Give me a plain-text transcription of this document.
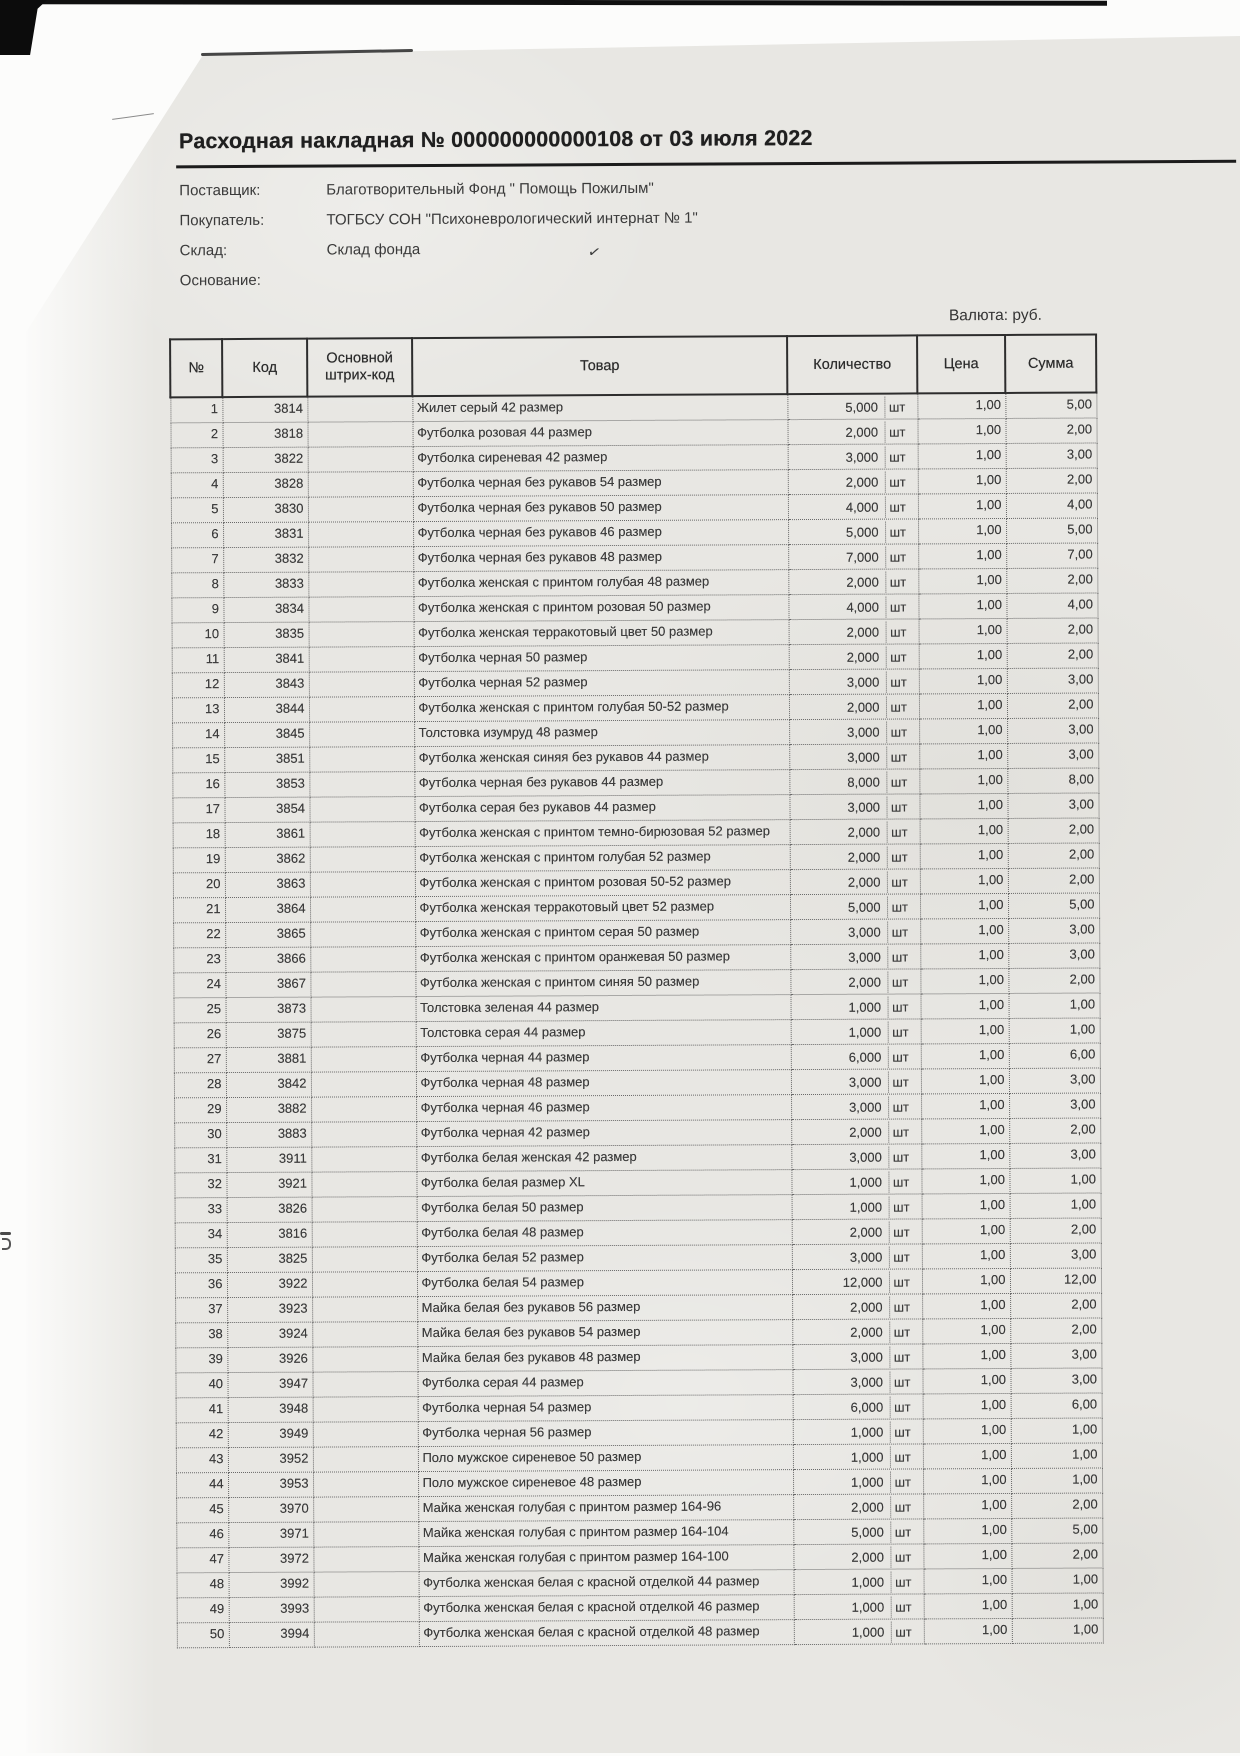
Расходная накладная № 000000000000108 от 03 июля 2022
Поставщик:	Благотворительный Фонд " Помощь Пожилым"
Покупатель:	ТОГБСУ СОН "Психоневрологический интернат № 1"
Склад:	Склад фонда
Основание:
Валюта: руб.
№	Код	Основной штрих-код	Товар	Количество	Цена	Сумма
1	3814		Жилет серый 42 размер	5,000 шт	1,00	5,00
2	3818		Футболка розовая 44 размер	2,000 шт	1,00	2,00
3	3822		Футболка сиреневая 42 размер	3,000 шт	1,00	3,00
4	3828		Футболка черная без рукавов 54 размер	2,000 шт	1,00	2,00
5	3830		Футболка черная без рукавов 50 размер	4,000 шт	1,00	4,00
6	3831		Футболка черная без рукавов 46 размер	5,000 шт	1,00	5,00
7	3832		Футболка черная без рукавов 48 размер	7,000 шт	1,00	7,00
8	3833		Футболка женская с принтом голубая 48 размер	2,000 шт	1,00	2,00
9	3834		Футболка женская с принтом розовая 50 размер	4,000 шт	1,00	4,00
10	3835		Футболка женская терракотовый цвет 50 размер	2,000 шт	1,00	2,00
11	3841		Футболка черная 50 размер	2,000 шт	1,00	2,00
12	3843		Футболка черная 52 размер	3,000 шт	1,00	3,00
13	3844		Футболка женская с принтом голубая 50-52 размер	2,000 шт	1,00	2,00
14	3845		Толстовка изумруд 48 размер	3,000 шт	1,00	3,00
15	3851		Футболка женская синяя без рукавов 44 размер	3,000 шт	1,00	3,00
16	3853		Футболка черная без рукавов 44 размер	8,000 шт	1,00	8,00
17	3854		Футболка серая без рукавов 44 размер	3,000 шт	1,00	3,00
18	3861		Футболка женская с принтом темно-бирюзовая 52 размер	2,000 шт	1,00	2,00
19	3862		Футболка женская с принтом голубая 52 размер	2,000 шт	1,00	2,00
20	3863		Футболка женская с принтом розовая 50-52 размер	2,000 шт	1,00	2,00
21	3864		Футболка женская терракотовый цвет 52 размер	5,000 шт	1,00	5,00
22	3865		Футболка женская с принтом серая 50 размер	3,000 шт	1,00	3,00
23	3866		Футболка женская с принтом оранжевая 50 размер	3,000 шт	1,00	3,00
24	3867		Футболка женская с принтом синяя 50 размер	2,000 шт	1,00	2,00
25	3873		Толстовка зеленая 44 размер	1,000 шт	1,00	1,00
26	3875		Толстовка серая 44 размер	1,000 шт	1,00	1,00
27	3881		Футболка черная 44 размер	6,000 шт	1,00	6,00
28	3842		Футболка черная 48 размер	3,000 шт	1,00	3,00
29	3882		Футболка черная 46 размер	3,000 шт	1,00	3,00
30	3883		Футболка черная 42 размер	2,000 шт	1,00	2,00
31	3911		Футболка белая женская 42 размер	3,000 шт	1,00	3,00
32	3921		Футболка белая размер XL	1,000 шт	1,00	1,00
33	3826		Футболка белая 50 размер	1,000 шт	1,00	1,00
34	3816		Футболка белая 48 размер	2,000 шт	1,00	2,00
35	3825		Футболка белая 52 размер	3,000 шт	1,00	3,00
36	3922		Футболка белая 54 размер	12,000 шт	1,00	12,00
37	3923		Майка белая без рукавов 56 размер	2,000 шт	1,00	2,00
38	3924		Майка белая без рукавов 54 размер	2,000 шт	1,00	2,00
39	3926		Майка белая без рукавов 48 размер	3,000 шт	1,00	3,00
40	3947		Футболка серая 44 размер	3,000 шт	1,00	3,00
41	3948		Футболка черная 54 размер	6,000 шт	1,00	6,00
42	3949		Футболка черная 56 размер	1,000 шт	1,00	1,00
43	3952		Поло мужское сиреневое 50 размер	1,000 шт	1,00	1,00
44	3953		Поло мужское сиреневое 48 размер	1,000 шт	1,00	1,00
45	3970		Майка женская голубая с принтом размер 164-96	2,000 шт	1,00	2,00
46	3971		Майка женская голубая с принтом размер 164-104	5,000 шт	1,00	5,00
47	3972		Майка женская голубая с принтом размер 164-100	2,000 шт	1,00	2,00
48	3992		Футболка женская белая с красной отделкой 44 размер	1,000 шт	1,00	1,00
49	3993		Футболка женская белая с красной отделкой 46 размер	1,000 шт	1,00	1,00
50	3994		Футболка женская белая с красной отделкой 48 размер	1,000 шт	1,00	1,00
✓
